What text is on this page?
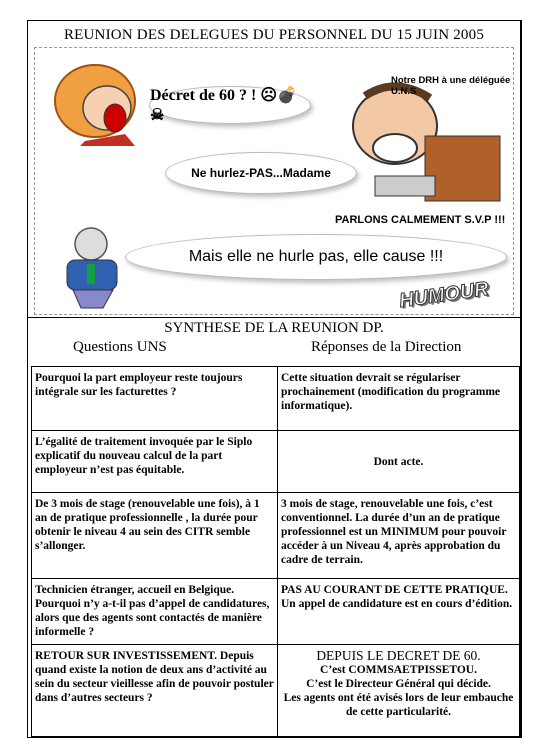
REUNION DES DELEGUES DU PERSONNEL DU 15 JUIN 2005
Décret de 60 ? ! ☹💣☠
Ne hurlez-PAS...Madame
Mais elle ne hurle pas, elle cause !!!
Notre DRH à une déléguée U.N.S
PARLONS CALMEMENT S.V.P !!!
HUMOUR
SYNTHESE DE LA REUNION DP.
Questions UNS	Réponses de la Direction
Pourquoi la part employeur reste toujours intégrale sur les facturettes ?	Cette situation devrait se régulariser prochainement (modification du programme informatique).
L’égalité de traitement invoquée par le Siplo explicatif du nouveau calcul de la part employeur n’est pas équitable.	Dont acte.
De 3 mois de stage (renouvelable une fois), à 1 an de pratique professionnelle , la durée pour obtenir le niveau 4 au sein des CITR semble s’allonger.	3 mois de stage, renouvelable une fois, c’est conventionnel. La durée d’un an de pratique professionnel est un MINIMUM pour pouvoir accéder à un Niveau 4, après approbation du cadre de terrain.
Technicien étranger, accueil en Belgique. Pourquoi n’y a-t-il pas d’appel de candidatures, alors que des agents sont contactés de manière informelle ?	PAS AU COURANT DE CETTE PRATIQUE. Un appel de candidature est en cours d’édition.
RETOUR SUR INVESTISSEMENT. Depuis quand existe la notion de deux ans d’activité au sein du secteur vieillesse afin de pouvoir postuler dans d’autres secteurs ?	DEPUIS LE DECRET DE 60.
C’est COMMSAETPISSETOU.
C’est le Directeur Général qui décide.
Les agents ont été avisés lors de leur embauche de cette particularité.
